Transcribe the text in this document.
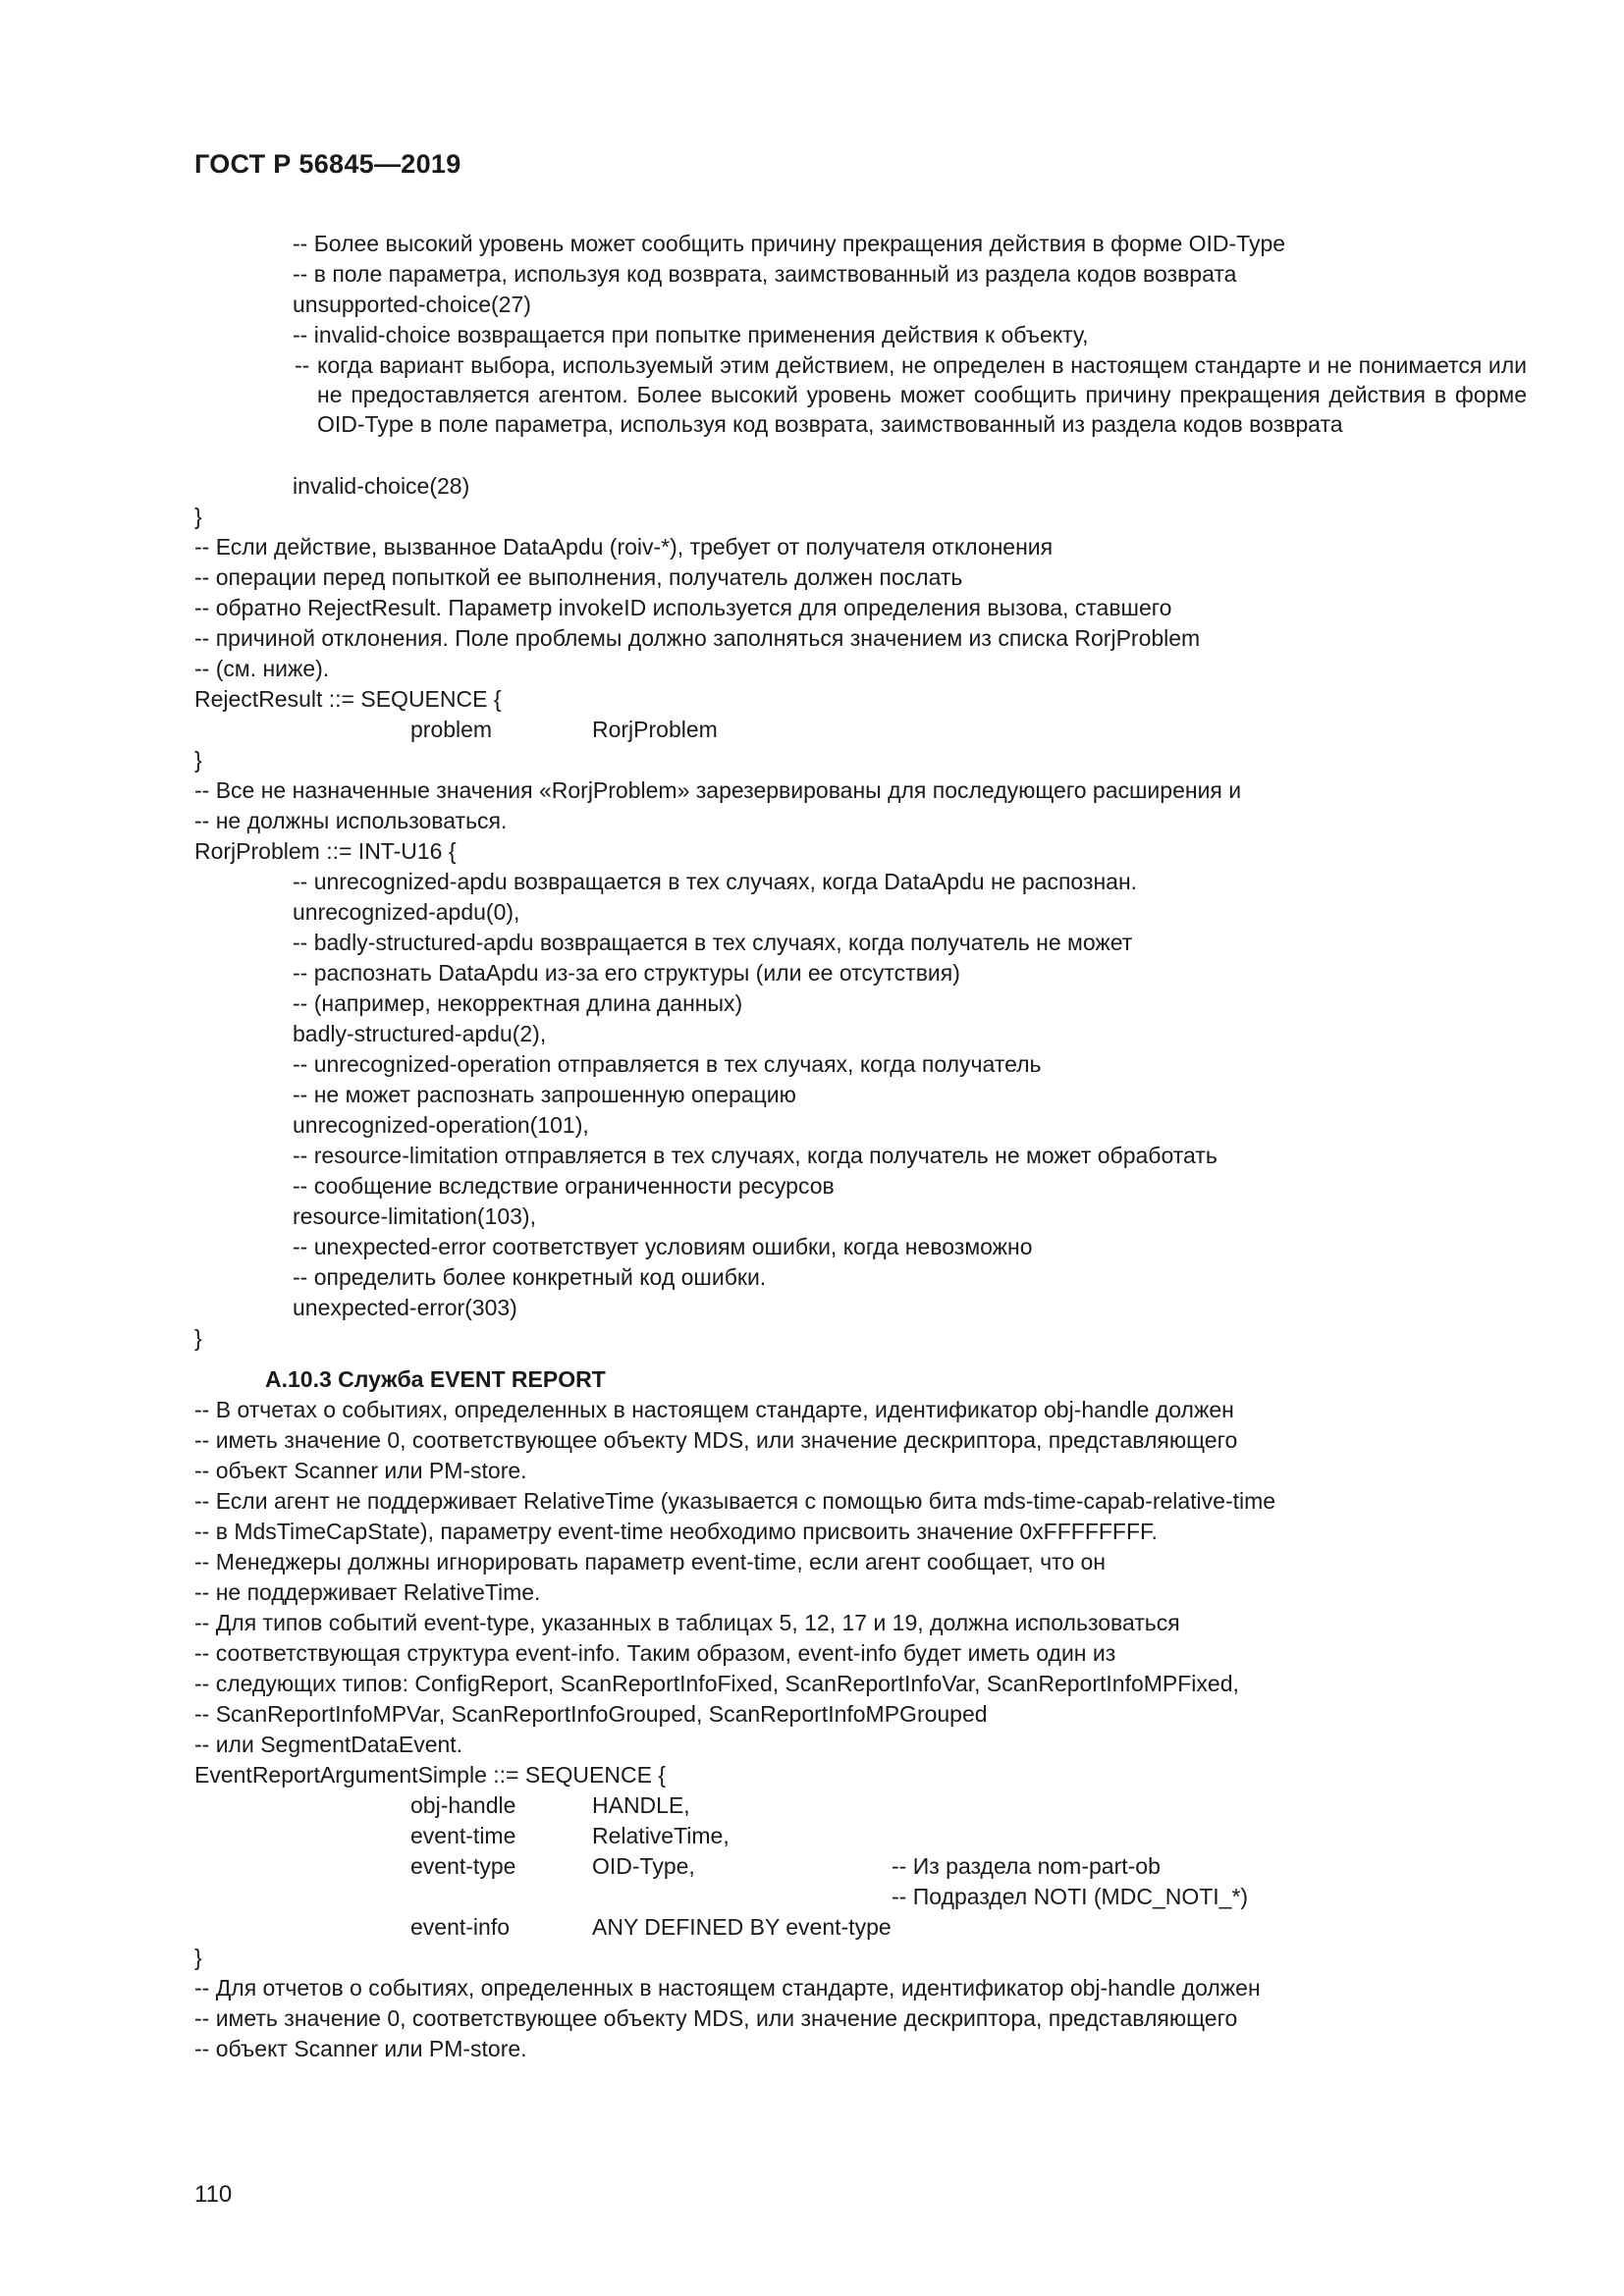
ГОСТ Р 56845—2019
-- Более высокий уровень может сообщить причину прекращения действия в форме OID-Type
-- в поле параметра, используя код возврата, заимствованный из раздела кодов возврата
unsupported-choice(27)
-- invalid-choice возвращается при попытке применения действия к объекту,
-- когда вариант выбора, используемый этим действием, не определен в настоящем стандарте и не понимается или не предоставляется агентом. Более высокий уровень может сообщить причину прекращения действия в форме OID-Type в поле параметра, используя код возврата, заимствованный из раздела кодов возврата
invalid-choice(28)
}
-- Если действие, вызванное DataApdu (roiv-*), требует от получателя отклонения
-- операции перед попыткой ее выполнения, получатель должен послать
-- обратно RejectResult. Параметр invokeID используется для определения вызова, ставшего
-- причиной отклонения. Поле проблемы должно заполняться значением из списка RorjProblem
-- (см. ниже).
RejectResult ::= SEQUENCE {
problem	RorjProblem
}
-- Все не назначенные значения «RorjProblem» зарезервированы для последующего расширения и
-- не должны использоваться.
RorjProblem ::= INT-U16 {
-- unrecognized-apdu возвращается в тех случаях, когда DataApdu не распознан.
unrecognized-apdu(0),
-- badly-structured-apdu возвращается в тех случаях, когда получатель не может
-- распознать DataApdu из-за его структуры (или ее отсутствия)
-- (например, некорректная длина данных)
badly-structured-apdu(2),
-- unrecognized-operation отправляется в тех случаях, когда получатель
-- не может распознать запрошенную операцию
unrecognized-operation(101),
-- resource-limitation отправляется в тех случаях, когда получатель не может обработать
-- сообщение вследствие ограниченности ресурсов
resource-limitation(103),
-- unexpected-error соответствует условиям ошибки, когда невозможно
-- определить более конкретный код ошибки.
unexpected-error(303)
}
А.10.3 Служба EVENT REPORT
-- В отчетах о событиях, определенных в настоящем стандарте, идентификатор obj-handle должен
-- иметь значение 0, соответствующее объекту MDS, или значение дескриптора, представляющего
-- объект Scanner или PM-store.
-- Если агент не поддерживает RelativeTime (указывается с помощью бита mds-time-capab-relative-time
-- в MdsTimeCapState), параметру event-time необходимо присвоить значение 0xFFFFFFFF.
-- Менеджеры должны игнорировать параметр event-time, если агент сообщает, что он
-- не поддерживает RelativeTime.
-- Для типов событий event-type, указанных в таблицах 5, 12, 17 и 19, должна использоваться
-- соответствующая структура event-info. Таким образом, event-info будет иметь один из
-- следующих типов: ConfigReport, ScanReportInfoFixed, ScanReportInfoVar, ScanReportInfoMPFixed,
-- ScanReportInfoMPVar, ScanReportInfoGrouped, ScanReportInfoMPGrouped
-- или SegmentDataEvent.
EventReportArgumentSimple ::= SEQUENCE {
obj-handle	HANDLE,
event-time	RelativeTime,
event-type	OID-Type,	-- Из раздела nom-part-ob
-- Подраздел NOTI (MDC_NOTI_*)
event-info	ANY DEFINED BY event-type
}
-- Для отчетов о событиях, определенных в настоящем стандарте, идентификатор obj-handle должен
-- иметь значение 0, соответствующее объекту MDS, или значение дескриптора, представляющего
-- объект Scanner или PM-store.
110
